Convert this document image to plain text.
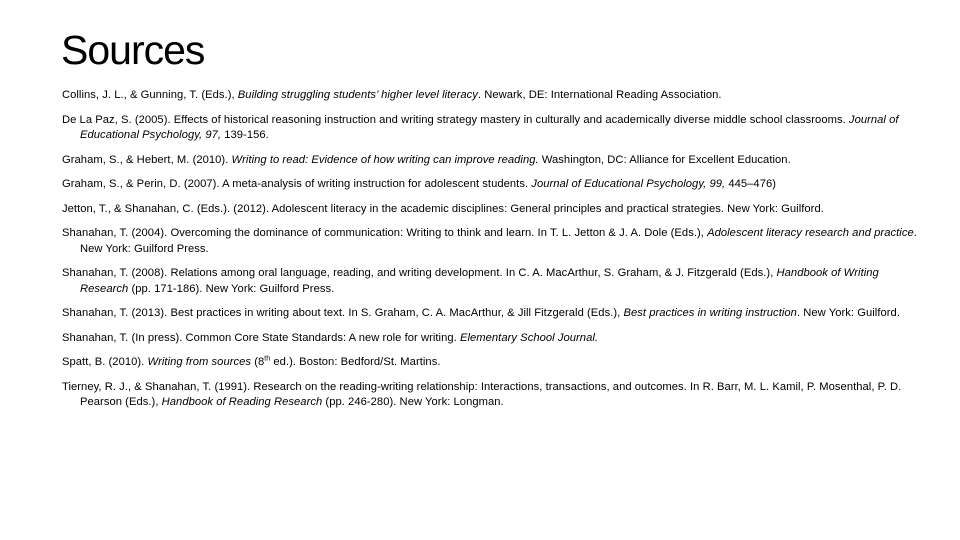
Sources
Collins, J. L., & Gunning, T. (Eds.), Building struggling students’ higher level literacy. Newark, DE: International Reading Association.
De La Paz, S. (2005). Effects of historical reasoning instruction and writing strategy mastery in culturally and academically diverse middle school classrooms. Journal of Educational Psychology, 97, 139-156.
Graham, S., & Hebert, M. (2010). Writing to read: Evidence of how writing can improve reading. Washington, DC: Alliance for Excellent Education.
Graham, S., & Perin, D. (2007). A meta-analysis of writing instruction for adolescent students. Journal of Educational Psychology, 99, 445–476)
Jetton, T., & Shanahan, C. (Eds.). (2012). Adolescent literacy in the academic disciplines: General principles and practical strategies. New York: Guilford.
Shanahan, T. (2004). Overcoming the dominance of communication: Writing to think and learn. In T. L. Jetton & J. A. Dole (Eds.), Adolescent literacy research and practice. New York: Guilford Press.
Shanahan, T. (2008). Relations among oral language, reading, and writing development. In C. A. MacArthur, S. Graham, & J. Fitzgerald (Eds.), Handbook of Writing Research (pp. 171-186). New York: Guilford Press.
Shanahan, T. (2013). Best practices in writing about text. In S. Graham, C. A. MacArthur, & Jill Fitzgerald (Eds.), Best practices in writing instruction. New York: Guilford.
Shanahan, T. (In press). Common Core State Standards: A new role for writing. Elementary School Journal.
Spatt, B. (2010). Writing from sources (8th ed.). Boston: Bedford/St. Martins.
Tierney, R. J., & Shanahan, T. (1991). Research on the reading-writing relationship: Interactions, transactions, and outcomes. In R. Barr, M. L. Kamil, P. Mosenthal, P. D. Pearson (Eds.), Handbook of Reading Research (pp. 246-280). New York: Longman.
